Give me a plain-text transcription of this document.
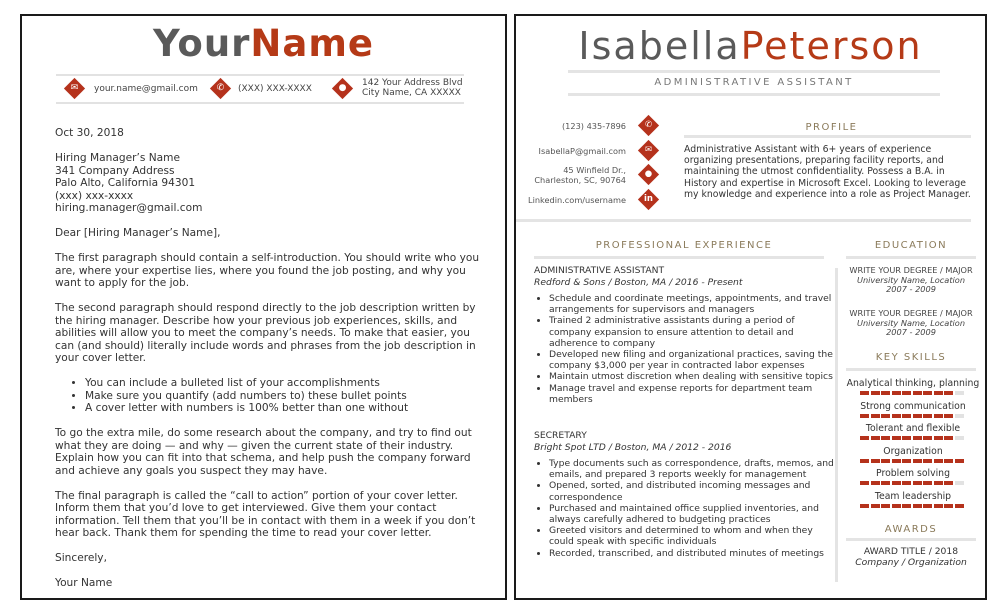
YourName
✉	your.name@gmail.com	✆	(XXX) XXX-XXXX	●	142 Your Address Blvd
City Name, CA XXXXX

Oct 30, 2018

Hiring Manager’s Name
341 Company Address
Palo Alto, California 94301
(xxx) xxx-xxxx
hiring.manager@gmail.com

Dear [Hiring Manager’s Name],

The first paragraph should contain a self-introduction. You should write who you are, where your expertise lies, where you found the job posting, and why you want to apply for the job.

The second paragraph should respond directly to the job description written by the hiring manager. Describe how your previous job experiences, skills, and abilities will allow you to meet the company’s needs. To make that easier, you can (and should) literally include words and phrases from the job description in your cover letter.

• You can include a bulleted list of your accomplishments
• Make sure you quantify (add numbers to) these bullet points
• A cover letter with numbers is 100% better than one without

To go the extra mile, do some research about the company, and try to find out what they are doing — and why — given the current state of their industry. Explain how you can fit into that schema, and help push the company forward and achieve any goals you suspect they may have.

The final paragraph is called the “call to action” portion of your cover letter. Inform them that you’d love to get interviewed. Give them your contact information. Tell them that you’ll be in contact with them in a week if you don’t hear back. Thank them for spending the time to read your cover letter.

Sincerely,

Your Name
IsabellaPeterson
ADMINISTRATIVE ASSISTANT
(123) 435-7896	✆
IsabellaP@gmail.com	✉
45 Winfield Dr.,
Charleston, SC, 90764
●
Linkedin.com/username	in
PROFILE
Administrative Assistant with 6+ years of experience organizing presentations, preparing facility reports, and maintaining the utmost confidentiality. Possess a B.A. in History and expertise in Microsoft Excel. Looking to leverage my knowledge and experience into a role as Project Manager.
PROFESSIONAL EXPERIENCE
ADMINISTRATIVE ASSISTANT
Redford & Sons / Boston, MA / 2016 - Present
• Schedule and coordinate meetings, appointments, and travel arrangements for supervisors and managers
• Trained 2 administrative assistants during a period of company expansion to ensure attention to detail and adherence to company
• Developed new filing and organizational practices, saving the company $3,000 per year in contracted labor expenses
• Maintain utmost discretion when dealing with sensitive topics
• Manage travel and expense reports for department team members
SECRETARY
Bright Spot LTD / Boston, MA / 2012 - 2016
• Type documents such as correspondence, drafts, memos, and emails, and prepared 3 reports weekly for management
• Opened, sorted, and distributed incoming messages and correspondence
• Purchased and maintained office supplied inventories, and always carefully adhered to budgeting practices
• Greeted visitors and determined to whom and when they could speak with specific individuals
• Recorded, transcribed, and distributed minutes of meetings
EDUCATION
WRITE YOUR DEGREE / MAJOR
University Name, Location
2007 - 2009
WRITE YOUR DEGREE / MAJOR
University Name, Location
2007 - 2009
KEY SKILLS
Analytical thinking, planning
Strong communication
Tolerant and flexible
Organization
Problem solving
Team leadership
AWARDS
AWARD TITLE / 2018
Company / Organization
